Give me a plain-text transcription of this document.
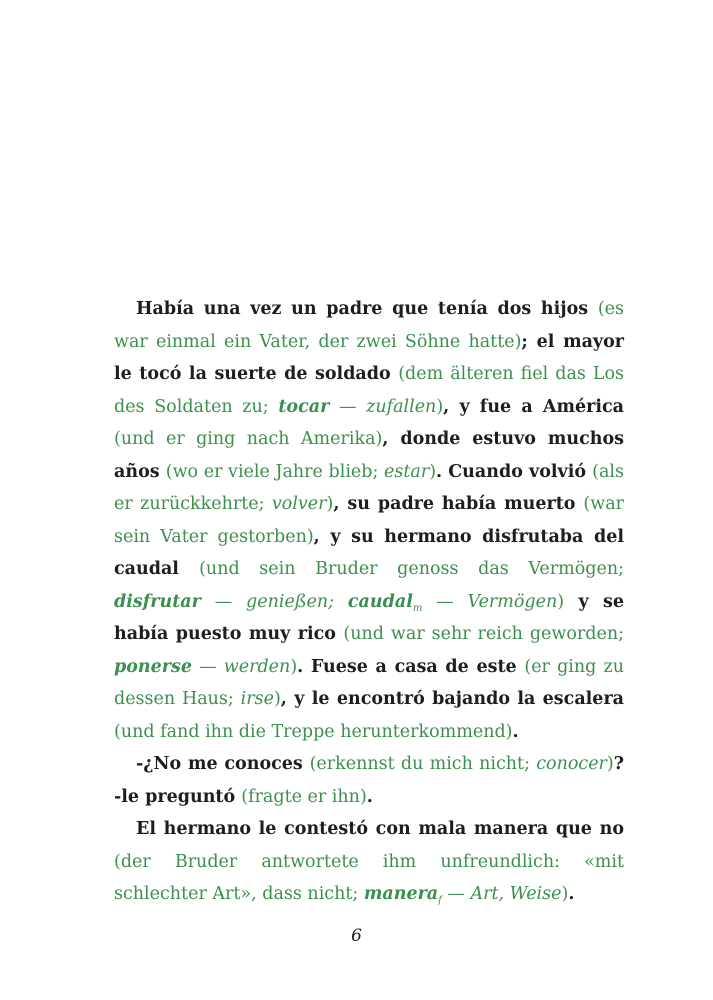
Había una vez un padre que tenía dos hijos (es war einmal ein Vater, der zwei Söhne hatte); el mayor le tocó la suerte de soldado (dem älteren fiel das Los des Soldaten zu; tocar — zufallen), y fue a América (und er ging nach Amerika), donde estuvo muchos años (wo er viele Jahre blieb; estar). Cuando volvió (als er zurückkehrte; volver), su padre había muerto (war sein Vater gestorben), y su hermano disfrutaba del caudal (und sein Bruder genoss das Vermögen; disfrutar — genießen; caudal$_m$ — Vermögen) y se había puesto muy rico (und war sehr reich geworden; ponerse — werden). Fuese a casa de este (er ging zu dessen Haus; irse), y le encontró bajando la escalera (und fand ihn die Treppe herunterkommend).

-¿No me conoces (erkennst du mich nicht; conocer)? -le preguntó (fragte er ihn).

El hermano le contestó con mala manera que no (der Bruder antwortete ihm unfreundlich: «mit schlechter Art», dass nicht; manera$_f$ — Art, Weise).

6
